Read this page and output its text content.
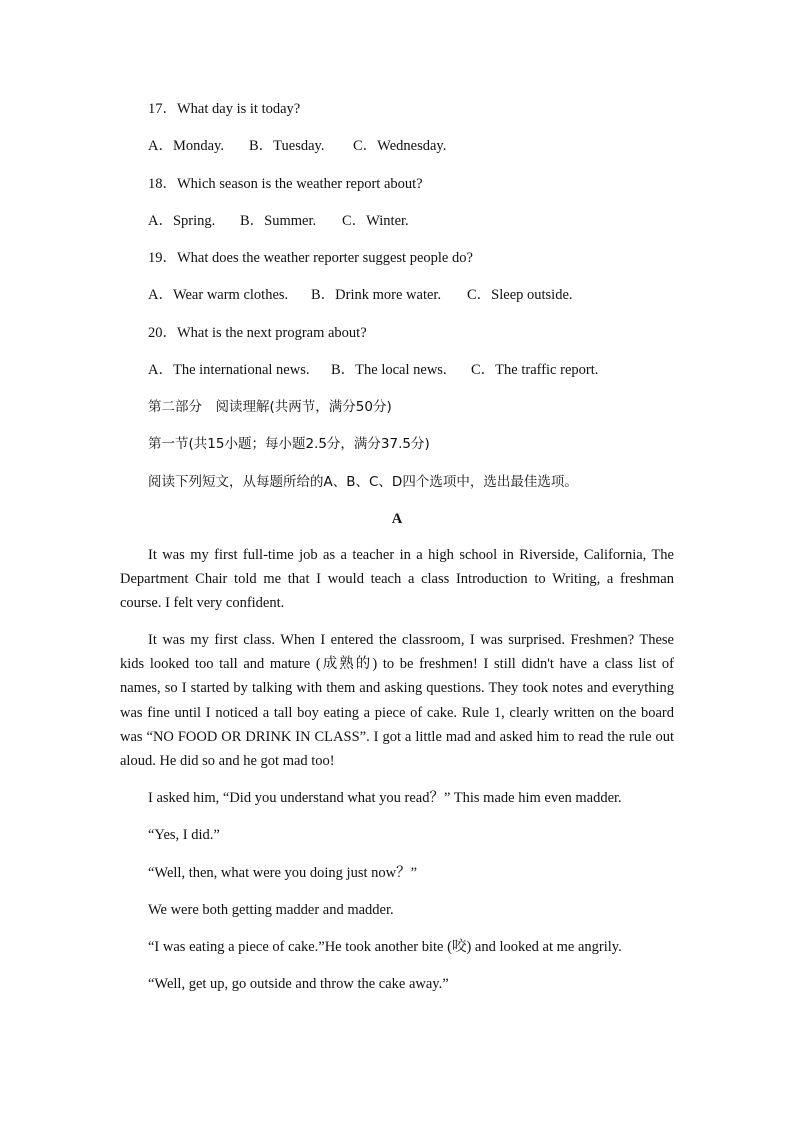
17．What day is it today?
A．Monday. B．Tuesday. C．Wednesday.
18．Which season is the weather report about?
A．Spring. B．Summer. C．Winter.
19．What does the weather reporter suggest people do?
A．Wear warm clothes. B．Drink more water. C．Sleep outside.
20．What is the next program about?
A．The international news. B．The local news. C．The traffic report.
第二部分　阅读理解(共两节，满分50分)
第一节(共15小题；每小题2.5分，满分37.5分)
阅读下列短文，从每题所给的A、B、C、D四个选项中，选出最佳选项。
A
It was my first full-time job as a teacher in a high school in Riverside, California, The Department Chair told me that I would teach a class Introduction to Writing, a freshman course. I felt very confident.
It was my first class. When I entered the classroom, I was surprised. Freshmen? These kids looked too tall and mature (成熟的) to be freshmen! I still didn't have a class list of names, so I started by talking with them and asking questions. They took notes and everything was fine until I noticed a tall boy eating a piece of cake. Rule 1, clearly written on the board was “NO FOOD OR DRINK IN CLASS”. I got a little mad and asked him to read the rule out aloud. He did so and he got mad too!
I asked him, “Did you understand what you read？” This made him even madder.
“Yes, I did.”
“Well, then, what were you doing just now？”
We were both getting madder and madder.
“I was eating a piece of cake.”He took another bite (咬) and looked at me angrily.
“Well, get up, go outside and throw the cake away.”
